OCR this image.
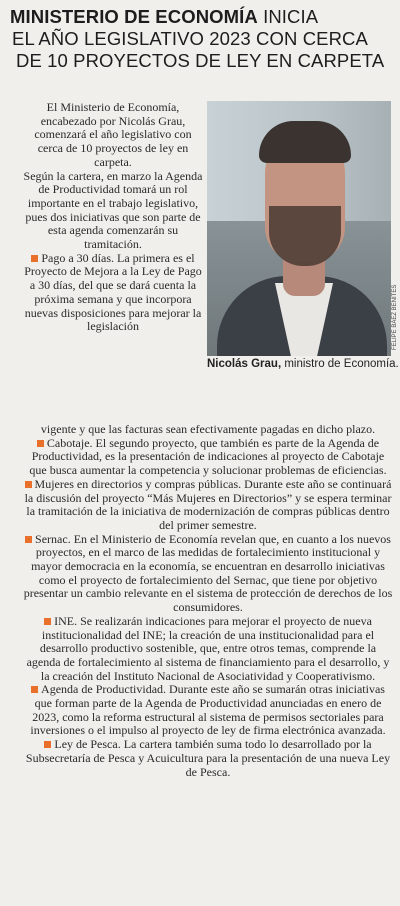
MINISTERIO DE ECONOMÍA INICIA
EL AÑO LEGISLATIVO 2023 CON CERCA
DE 10 PROYECTOS DE LEY EN CARPETA
FELIPE BÁEZ BENITES
Nicolás Grau, ministro de Economía.

El Ministerio de Economía, encabezado por Nicolás Grau, comenzará el año legislativo con cerca de 10 proyectos de ley en carpeta.

Según la cartera, en marzo la Agenda de Productividad tomará un rol importante en el trabajo legislativo, pues dos iniciativas que son parte de esta agenda comenzarán su tramitación.

Pago a 30 días. La primera es el Proyecto de Mejora a la Ley de Pago a 30 días, del que se dará cuenta la próxima semana y que incorpora nuevas disposiciones para mejorar la legislación

vigente y que las facturas sean efectivamente pagadas en dicho plazo.

Cabotaje. El segundo proyecto, que también es parte de la Agenda de Productividad, es la presentación de indicaciones al proyecto de Cabotaje que busca aumentar la competencia y solucionar problemas de eficiencias.

Mujeres en directorios y compras públicas. Durante este año se continuará la discusión del proyecto “Más Mujeres en Directorios” y se espera terminar la tramitación de la iniciativa de modernización de compras públicas dentro del primer semestre.

Sernac. En el Ministerio de Economía revelan que, en cuanto a los nuevos proyectos, en el marco de las medidas de fortalecimiento institucional y mayor democracia en la economía, se encuentran en desarrollo iniciativas como el proyecto de fortalecimiento del Sernac, que tiene por objetivo presentar un cambio relevante en el sistema de protección de derechos de los consumidores.

INE. Se realizarán indicaciones para mejorar el proyecto de nueva institucionalidad del INE; la creación de una institucionalidad para el desarrollo productivo sostenible, que, entre otros temas, comprende la agenda de fortalecimiento al sistema de financiamiento para el desarrollo, y la creación del Instituto Nacional de Asociatividad y Cooperativismo.

Agenda de Productividad. Durante este año se sumarán otras iniciativas que forman parte de la Agenda de Productividad anunciadas en enero de 2023, como la reforma estructural al sistema de permisos sectoriales para inversiones o el impulso al proyecto de ley de firma electrónica avanzada.

Ley de Pesca. La cartera también suma todo lo desarrollado por la Subsecretaría de Pesca y Acuicultura para la presentación de una nueva Ley de Pesca.
